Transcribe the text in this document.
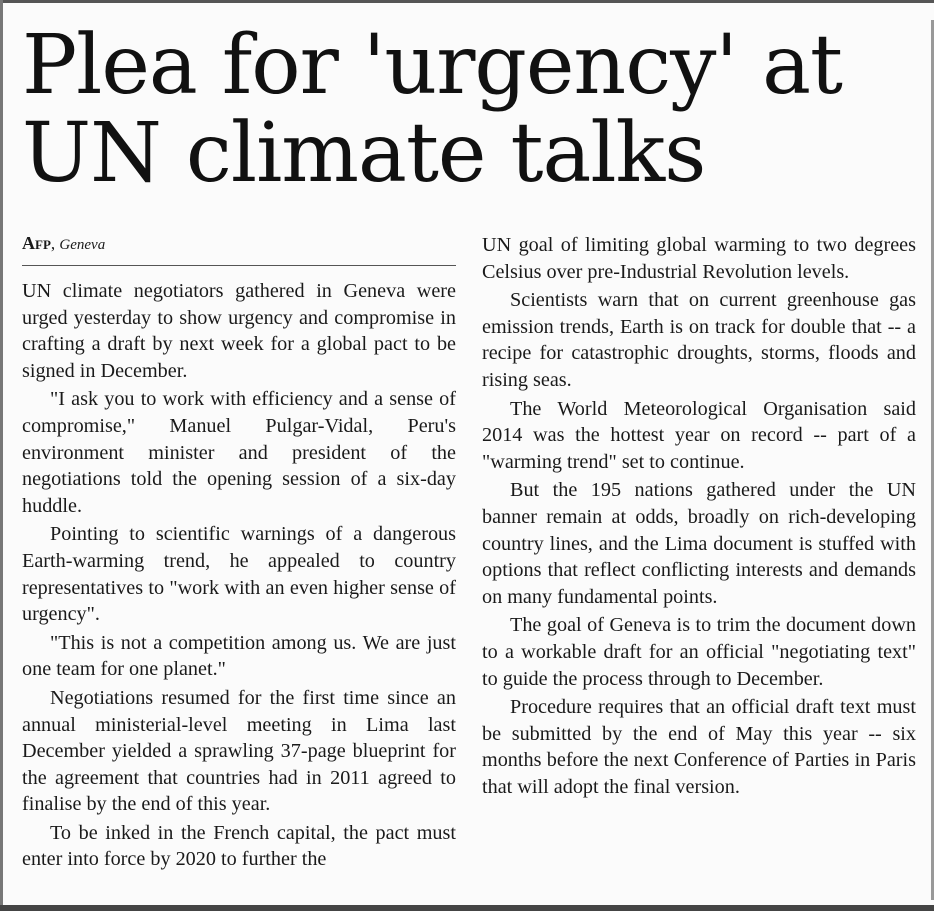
Plea for 'urgency' at UN climate talks
Afp, Geneva

UN climate negotiators gathered in Geneva were urged yesterday to show urgency and compromise in crafting a draft by next week for a global pact to be signed in December.

"I ask you to work with efficiency and a sense of compromise," Manuel Pulgar-Vidal, Peru's environment minister and president of the negotiations told the opening session of a six-day huddle.

Pointing to scientific warnings of a dangerous Earth-warming trend, he appealed to country representatives to "work with an even higher sense of urgency".

"This is not a competition among us. We are just one team for one planet."

Negotiations resumed for the first time since an annual ministerial-level meeting in Lima last December yielded a sprawling 37-page blueprint for the agreement that countries had in 2011 agreed to finalise by the end of this year.

To be inked in the French capital, the pact must enter into force by 2020 to further the

UN goal of limiting global warming to two degrees Celsius over pre-Industrial Revolution levels.

Scientists warn that on current greenhouse gas emission trends, Earth is on track for double that -- a recipe for catastrophic droughts, storms, floods and rising seas.

The World Meteorological Organisation said 2014 was the hottest year on record -- part of a "warming trend" set to continue.

But the 195 nations gathered under the UN banner remain at odds, broadly on rich-developing country lines, and the Lima document is stuffed with options that reflect conflicting interests and demands on many fundamental points.

The goal of Geneva is to trim the document down to a workable draft for an official "negotiating text" to guide the process through to December.

Procedure requires that an official draft text must be submitted by the end of May this year -- six months before the next Conference of Parties in Paris that will adopt the final version.
